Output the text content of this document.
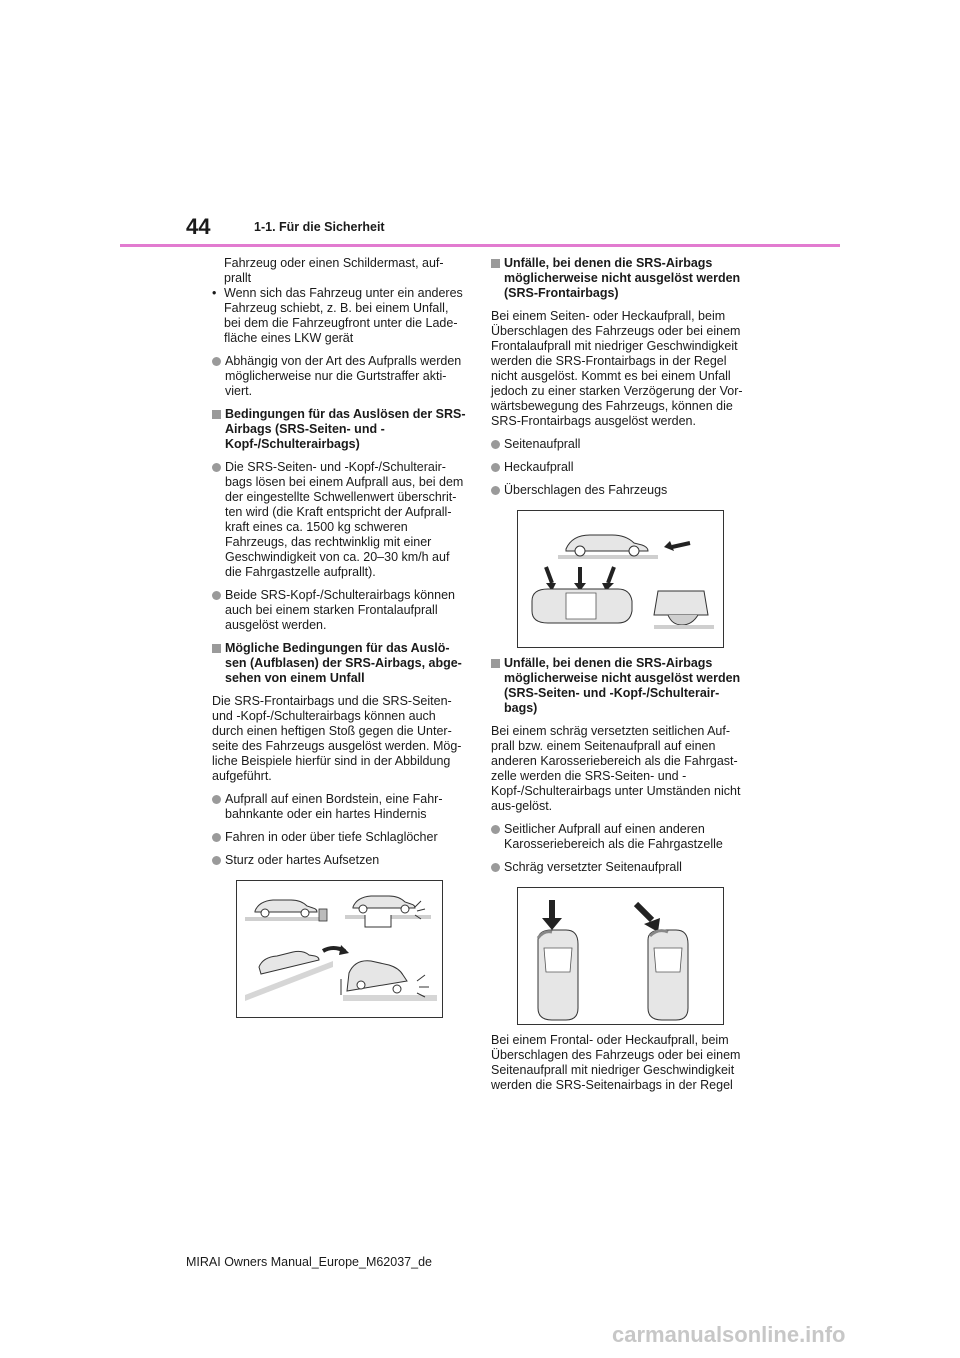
44	1-1. Für die Sicherheit

Fahrzeug oder einen Schildermast, auf-prallt

• Wenn sich das Fahrzeug unter ein anderes Fahrzeug schiebt, z. B. bei einem Unfall, bei dem die Fahrzeugfront unter die Lade-fläche eines LKW gerät
Abhängig von der Art des Aufpralls werden möglicherweise nur die Gurtstraffer akti-viert.
Bedingungen für das Auslösen der SRS-Airbags (SRS-Seiten- und -Kopf-/Schulterairbags)
Die SRS-Seiten- und -Kopf-/Schulterair-bags lösen bei einem Aufprall aus, bei dem der eingestellte Schwellenwert überschrit-ten wird (die Kraft entspricht der Aufprall-kraft eines ca. 1500 kg schweren Fahrzeugs, das rechtwinklig mit einer Geschwindigkeit von ca. 20–30 km/h auf die Fahrgastzelle aufprallt).
Beide SRS-Kopf-/Schulterairbags können auch bei einem starken Frontalaufprall ausgelöst werden.
Mögliche Bedingungen für das Auslö-sen (Aufblasen) der SRS-Airbags, abge-sehen von einem Unfall

Die SRS-Frontairbags und die SRS-Seiten- und -Kopf-/Schulterairbags können auch durch einen heftigen Stoß gegen die Unter-seite des Fahrzeugs ausgelöst werden. Mög-liche Beispiele hierfür sind in der Abbildung aufgeführt.

Aufprall auf einen Bordstein, eine Fahr-bahnkante oder ein hartes Hindernis
Fahren in oder über tiefe Schlaglöcher
Sturz oder hartes Aufsetzen
Unfälle, bei denen die SRS-Airbags möglicherweise nicht ausgelöst werden (SRS-Frontairbags)

Bei einem Seiten- oder Heckaufprall, beim Überschlagen des Fahrzeugs oder bei einem Frontalaufprall mit niedriger Geschwindigkeit werden die SRS-Frontairbags in der Regel nicht ausgelöst. Kommt es bei einem Unfall jedoch zu einer starken Verzögerung der Vor-wärtsbewegung des Fahrzeugs, können die SRS-Frontairbags ausgelöst werden.

Seitenaufprall
Heckaufprall
Überschlagen des Fahrzeugs
Unfälle, bei denen die SRS-Airbags möglicherweise nicht ausgelöst werden (SRS-Seiten- und -Kopf-/Schulterair-bags)

Bei einem schräg versetzten seitlichen Auf-prall bzw. einem Seitenaufprall auf einen anderen Karosseriebereich als die Fahrgast-zelle werden die SRS-Seiten- und -Kopf-/Schulterairbags unter Umständen nicht aus-gelöst.

Seitlicher Aufprall auf einen anderen Karosseriebereich als die Fahrgastzelle
Schräg versetzter Seitenaufprall

Bei einem Frontal- oder Heckaufprall, beim Überschlagen des Fahrzeugs oder bei einem Seitenaufprall mit niedriger Geschwindigkeit werden die SRS-Seitenairbags in der Regel

MIRAI Owners Manual_Europe_M62037_de
carmanualsonline.info
